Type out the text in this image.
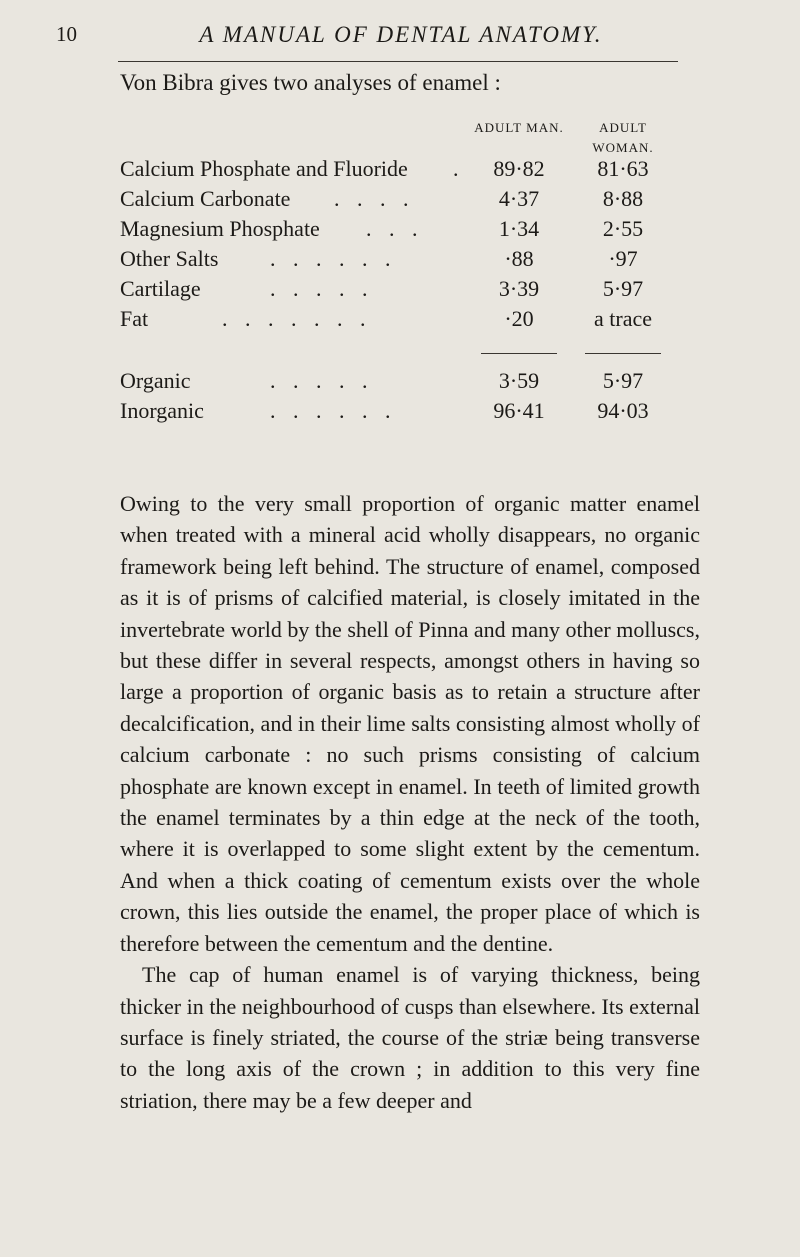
10	A MANUAL OF DENTAL ANATOMY.
Von Bibra gives two analyses of enamel :
ADULT MAN.	ADULT WOMAN.
Calcium Phosphate and Fluoride .	89·82	81·63
Calcium Carbonate . . . .	4·37	8·88
Magnesium Phosphate . . .	1·34	2·55
Other Salts . . . . . .	·88	·97
Cartilage	. . . . .	3·39	5·97
Fat	. . . . . . .	·20	a trace
Organic	. . . . .	3·59	5·97
Inorganic	. . . . . .	96·41	94·03

Owing to the very small proportion of organic matter enamel when treated with a mineral acid wholly disappears, no organic framework being left behind. The structure of enamel, composed as it is of prisms of calcified material, is closely imitated in the invertebrate world by the shell of Pinna and many other molluscs, but these differ in several respects, amongst others in having so large a proportion of organic basis as to retain a structure after decalcification, and in their lime salts consisting almost wholly of calcium carbonate : no such prisms consisting of calcium phosphate are known except in enamel. In teeth of limited growth the enamel terminates by a thin edge at the neck of the tooth, where it is overlapped to some slight extent by the cementum. And when a thick coating of cementum exists over the whole crown, this lies outside the enamel, the proper place of which is therefore between the cementum and the dentine.

The cap of human enamel is of varying thickness, being thicker in the neighbourhood of cusps than elsewhere. Its external surface is finely striated, the course of the striæ being transverse to the long axis of the crown ; in addition to this very fine striation, there may be a few deeper and
